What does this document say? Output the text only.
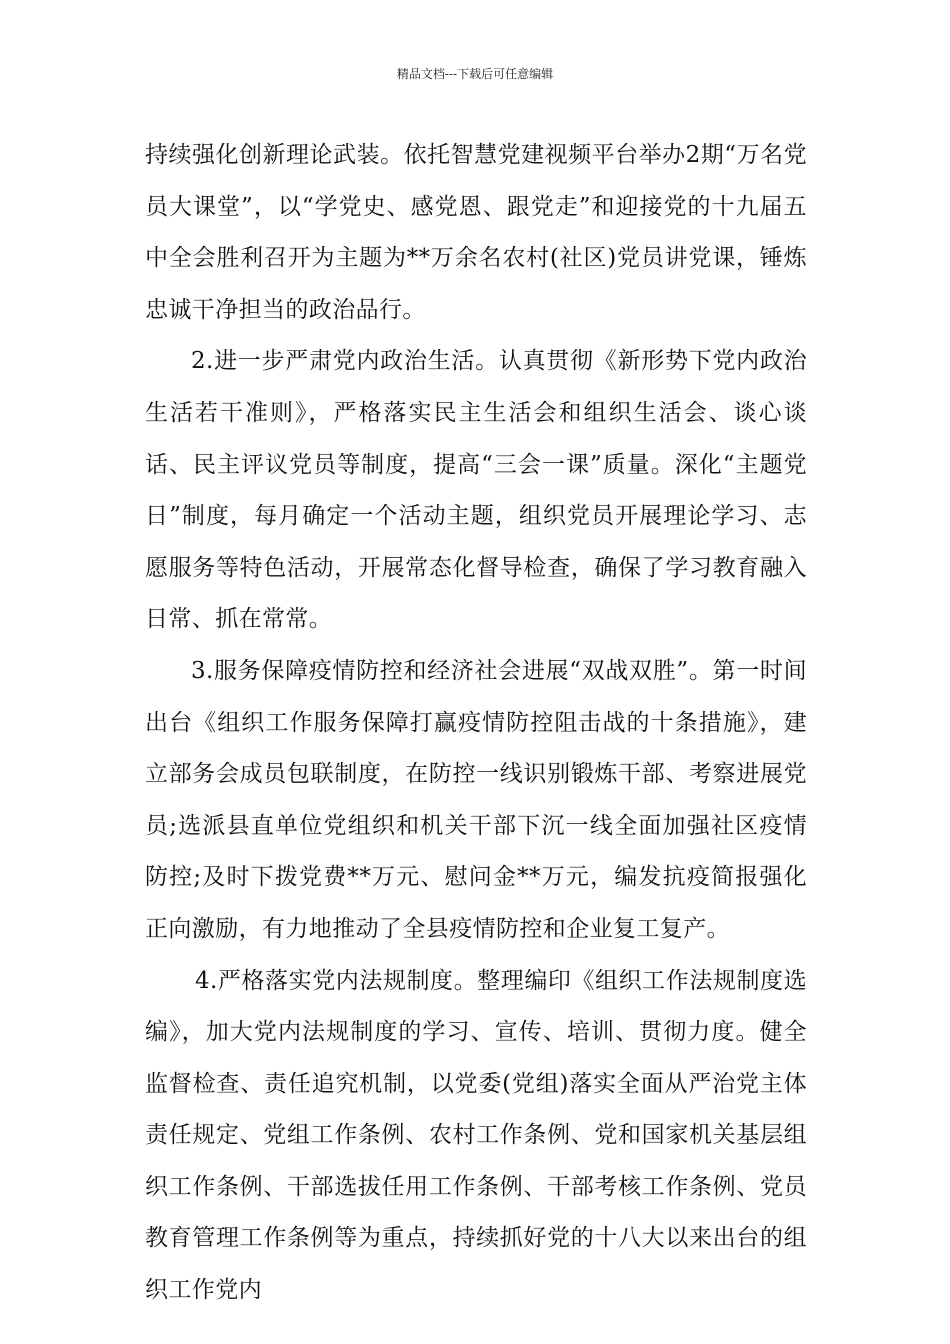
精品文档---下载后可任意编辑

持续强化创新理论武装。依托智慧党建视频平台举办2期“万名党员大课堂”，以“学党史、感党恩、跟党走”和迎接党的十九届五中全会胜利召开为主题为**万余名农村(社区)党员讲党课，锤炼忠诚干净担当的政治品行。

2.进一步严肃党内政治生活。认真贯彻《新形势下党内政治生活若干准则》，严格落实民主生活会和组织生活会、谈心谈话、民主评议党员等制度，提高“三会一课”质量。深化“主题党日”制度，每月确定一个活动主题，组织党员开展理论学习、志愿服务等特色活动，开展常态化督导检查，确保了学习教育融入日常、抓在常常。

3.服务保障疫情防控和经济社会进展“双战双胜”。第一时间出台《组织工作服务保障打赢疫情防控阻击战的十条措施》，建立部务会成员包联制度，在防控一线识别锻炼干部、考察进展党员;选派县直单位党组织和机关干部下沉一线全面加强社区疫情防控;及时下拨党费**万元、慰问金**万元，编发抗疫简报强化正向激励，有力地推动了全县疫情防控和企业复工复产。

4.严格落实党内法规制度。整理编印《组织工作法规制度选编》，加大党内法规制度的学习、宣传、培训、贯彻力度。健全监督检查、责任追究机制，以党委(党组)落实全面从严治党主体责任规定、党组工作条例、农村工作条例、党和国家机关基层组织工作条例、干部选拔任用工作条例、干部考核工作条例、党员教育管理工作条例等为重点，持续抓好党的十八大以来出台的组织工作党内
